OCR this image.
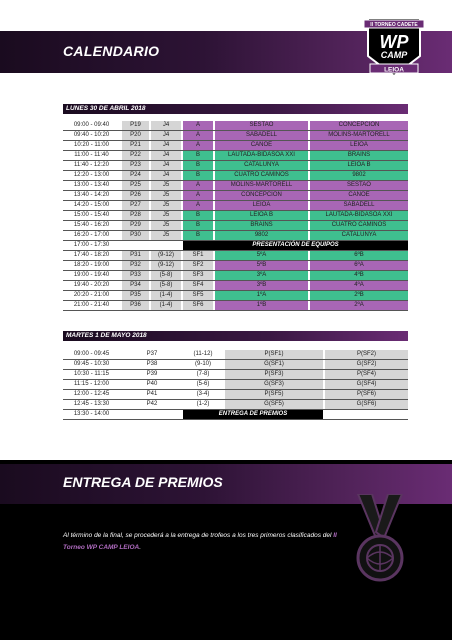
CALENDARIO
II TORNEO CADETE
WP
CAMP
LEIOA
LUNES 30 DE ABRIL 2018
09:00 - 09:40	P19	J4	A	SESTAO	CONCEPCION
09:40 - 10:20	P20	J4	A	SABADELL	MOLINS-MARTORELL
10:20 - 11:00	P21	J4	A	CANOE	LEIOA
11:00 - 11:40	P22	J4	B	LAUTADA-BIDASOA XXI	BRAINS
11:40 - 12:20	P23	J4	B	CATALUNYA	LEIOA B
12:20 - 13:00	P24	J4	B	CUATRO CAMINOS	9802
13:00 - 13:40	P25	J5	A	MOLINS-MARTORELL	SESTAO
13:40 - 14:20	P26	J5	A	CONCEPCION	CANOE
14:20 - 15:00	P27	J5	A	LEIOA	SABADELL
15:00 - 15:40	P28	J5	B	LEIOA B	LAUTADA-BIDASOA XXI
15:40 - 16:20	P29	J5	B	BRAINS	CUATRO CAMINOS
16:20 - 17:00	P30	J5	B	9802	CATALUNYA
17:00 - 17:30	PRESENTACIÓN DE EQUIPOS
17:40 - 18:20	P31	(9-12)	SF1	5ºA	6ºB
18:20 - 19:00	P32	(9-12)	SF2	5ºB	6ºA
19:00 - 19:40	P33	(5-8)	SF3	3ºA	4ºB
19:40 - 20:20	P34	(5-8)	SF4	3ºB	4ºA
20:20 - 21:00	P35	(1-4)	SF5	1ºA	2ºB
21:00 - 21:40	P36	(1-4)	SF6	1ºB	2ºA
MARTES 1 DE MAYO 2018
09:00 - 09:45	P37	(11-12)	P(SF1)	P(SF2)
09:45 - 10:30	P38	(9-10)	G(SF1)	G(SF2)
10:30 - 11:15	P39	(7-8)	P(SF3)	P(SF4)
11:15 - 12:00	P40	(5-6)	G(SF3)	G(SF4)
12:00 - 12:45	P41	(3-4)	P(SF5)	P(SF6)
12:45 - 13:30	P42	(1-2)	G(SF5)	G(SF6)
13:30 - 14:00	ENTREGA DE PREMIOS
ENTREGA DE PREMIOS
Al término de la final, se procederá a la entrega de trofeos a los tres primeros clasificados del II Torneo WP CAMP LEIOA.
